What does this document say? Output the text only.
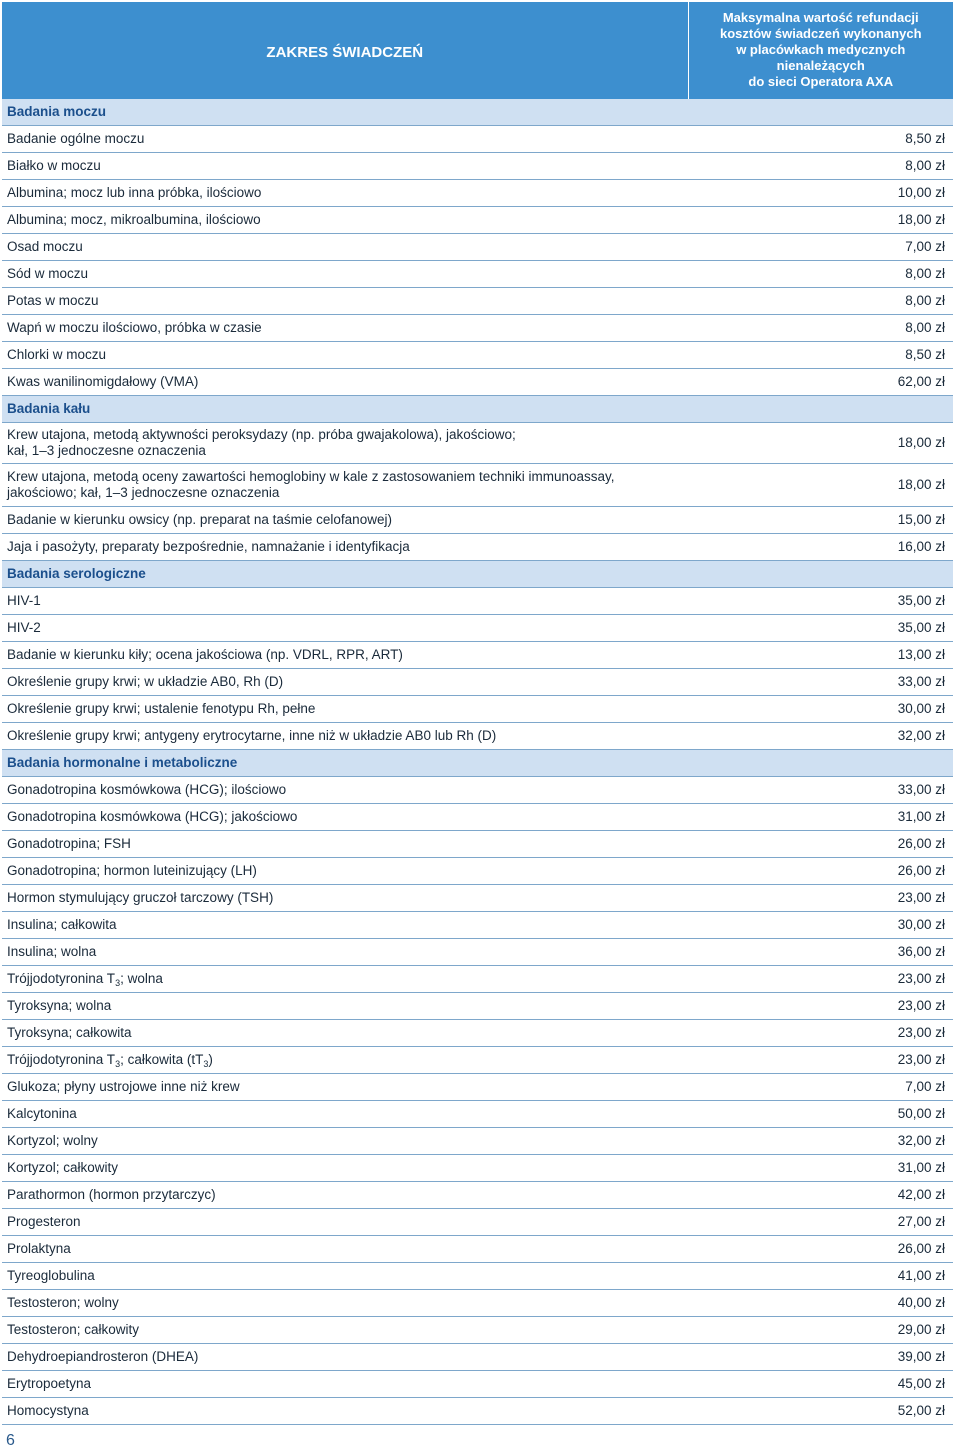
ZAKRES ŚWIADCZEŃ	Maksymalna wartość refundacji
kosztów świadczeń wykonanych
w placówkach medycznych
nienależących
do sieci Operatora AXA

Badania moczu	

Badanie ogólne moczu	8,50 zł

Białko w moczu	8,00 zł

Albumina; mocz lub inna próbka, ilościowo	10,00 zł

Albumina; mocz, mikroalbumina, ilościowo	18,00 zł

Osad moczu	7,00 zł

Sód w moczu	8,00 zł

Potas w moczu	8,00 zł

Wapń w moczu ilościowo, próbka w czasie	8,00 zł

Chlorki w moczu	8,50 zł

Kwas wanilinomigdałowy (VMA)	62,00 zł
Badania kału	

Krew utajona, metodą aktywności peroksydazy (np. próba gwajakolowa), jakościowo;
kał, 1–3 jednoczesne oznaczenia	18,00 zł

Krew utajona, metodą oceny zawartości hemoglobiny w kale z zastosowaniem techniki immunoassay,
jakościowo; kał, 1–3 jednoczesne oznaczenia	18,00 zł

Badanie w kierunku owsicy (np. preparat na taśmie celofanowej)	15,00 zł

Jaja i pasożyty, preparaty bezpośrednie, namnażanie i identyfikacja	16,00 zł
Badania serologiczne	

HIV-1	35,00 zł

HIV-2	35,00 zł

Badanie w kierunku kiły; ocena jakościowa (np. VDRL, RPR, ART)	13,00 zł

Określenie grupy krwi; w układzie AB0, Rh (D)	33,00 zł

Określenie grupy krwi; ustalenie fenotypu Rh, pełne	30,00 zł

Określenie grupy krwi; antygeny erytrocytarne, inne niż w układzie AB0 lub Rh (D)	32,00 zł
Badania hormonalne i metaboliczne	

Gonadotropina kosmówkowa (HCG); ilościowo	33,00 zł

Gonadotropina kosmówkowa (HCG); jakościowo	31,00 zł

Gonadotropina; FSH	26,00 zł

Gonadotropina; hormon luteinizujący (LH)	26,00 zł

Hormon stymulujący gruczoł tarczowy (TSH)	23,00 zł

Insulina; całkowita	30,00 zł

Insulina; wolna	36,00 zł
Trójjodotyronina $T_3$; wolna	23,00 zł

Tyroksyna; wolna	23,00 zł

Tyroksyna; całkowita	23,00 zł
Trójjodotyronina $T_3$; całkowita $(tT_3)$	23,00 zł

Glukoza; płyny ustrojowe inne niż krew	7,00 zł

Kalcytonina	50,00 zł

Kortyzol; wolny	32,00 zł

Kortyzol; całkowity	31,00 zł

Parathormon (hormon przytarczyc)	42,00 zł

Progesteron	27,00 zł

Prolaktyna	26,00 zł

Tyreoglobulina	41,00 zł

Testosteron; wolny	40,00 zł

Testosteron; całkowity	29,00 zł

Dehydroepiandrosteron (DHEA)	39,00 zł

Erytropoetyna	45,00 zł

Homocystyna	52,00 zł
6
